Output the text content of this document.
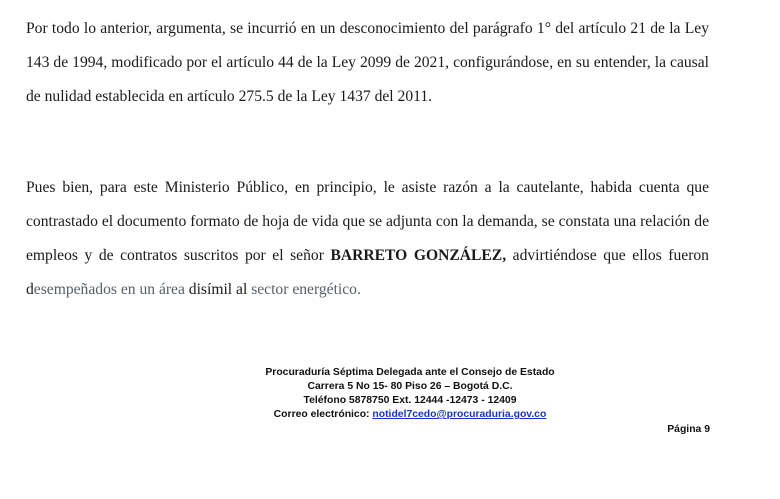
Por todo lo anterior, argumenta, se incurrió en un desconocimiento del parágrafo 1° del artículo 21 de la Ley 143 de 1994, modificado por el artículo 44 de la Ley 2099 de 2021, configurándose, en su entender, la causal de nulidad establecida en artículo 275.5 de la Ley 1437 del 2011.

Pues bien, para este Ministerio Público, en principio, le asiste razón a la cautelante, habida cuenta que contrastado el documento formato de hoja de vida que se adjunta con la demanda, se constata una relación de empleos y de contratos suscritos por el señor BARRETO GONZÁLEZ, advirtiéndose que ellos fueron desempeñados en un área disímil al sector energético.

Procuraduría Séptima Delegada ante el Consejo de Estado
Carrera 5 No 15- 80 Piso 26 – Bogotá D.C.
Teléfono 5878750 Ext. 12444 -12473 - 12409
Correo electrónico: notidel7cedo@procuraduria.gov.co
Página 9
